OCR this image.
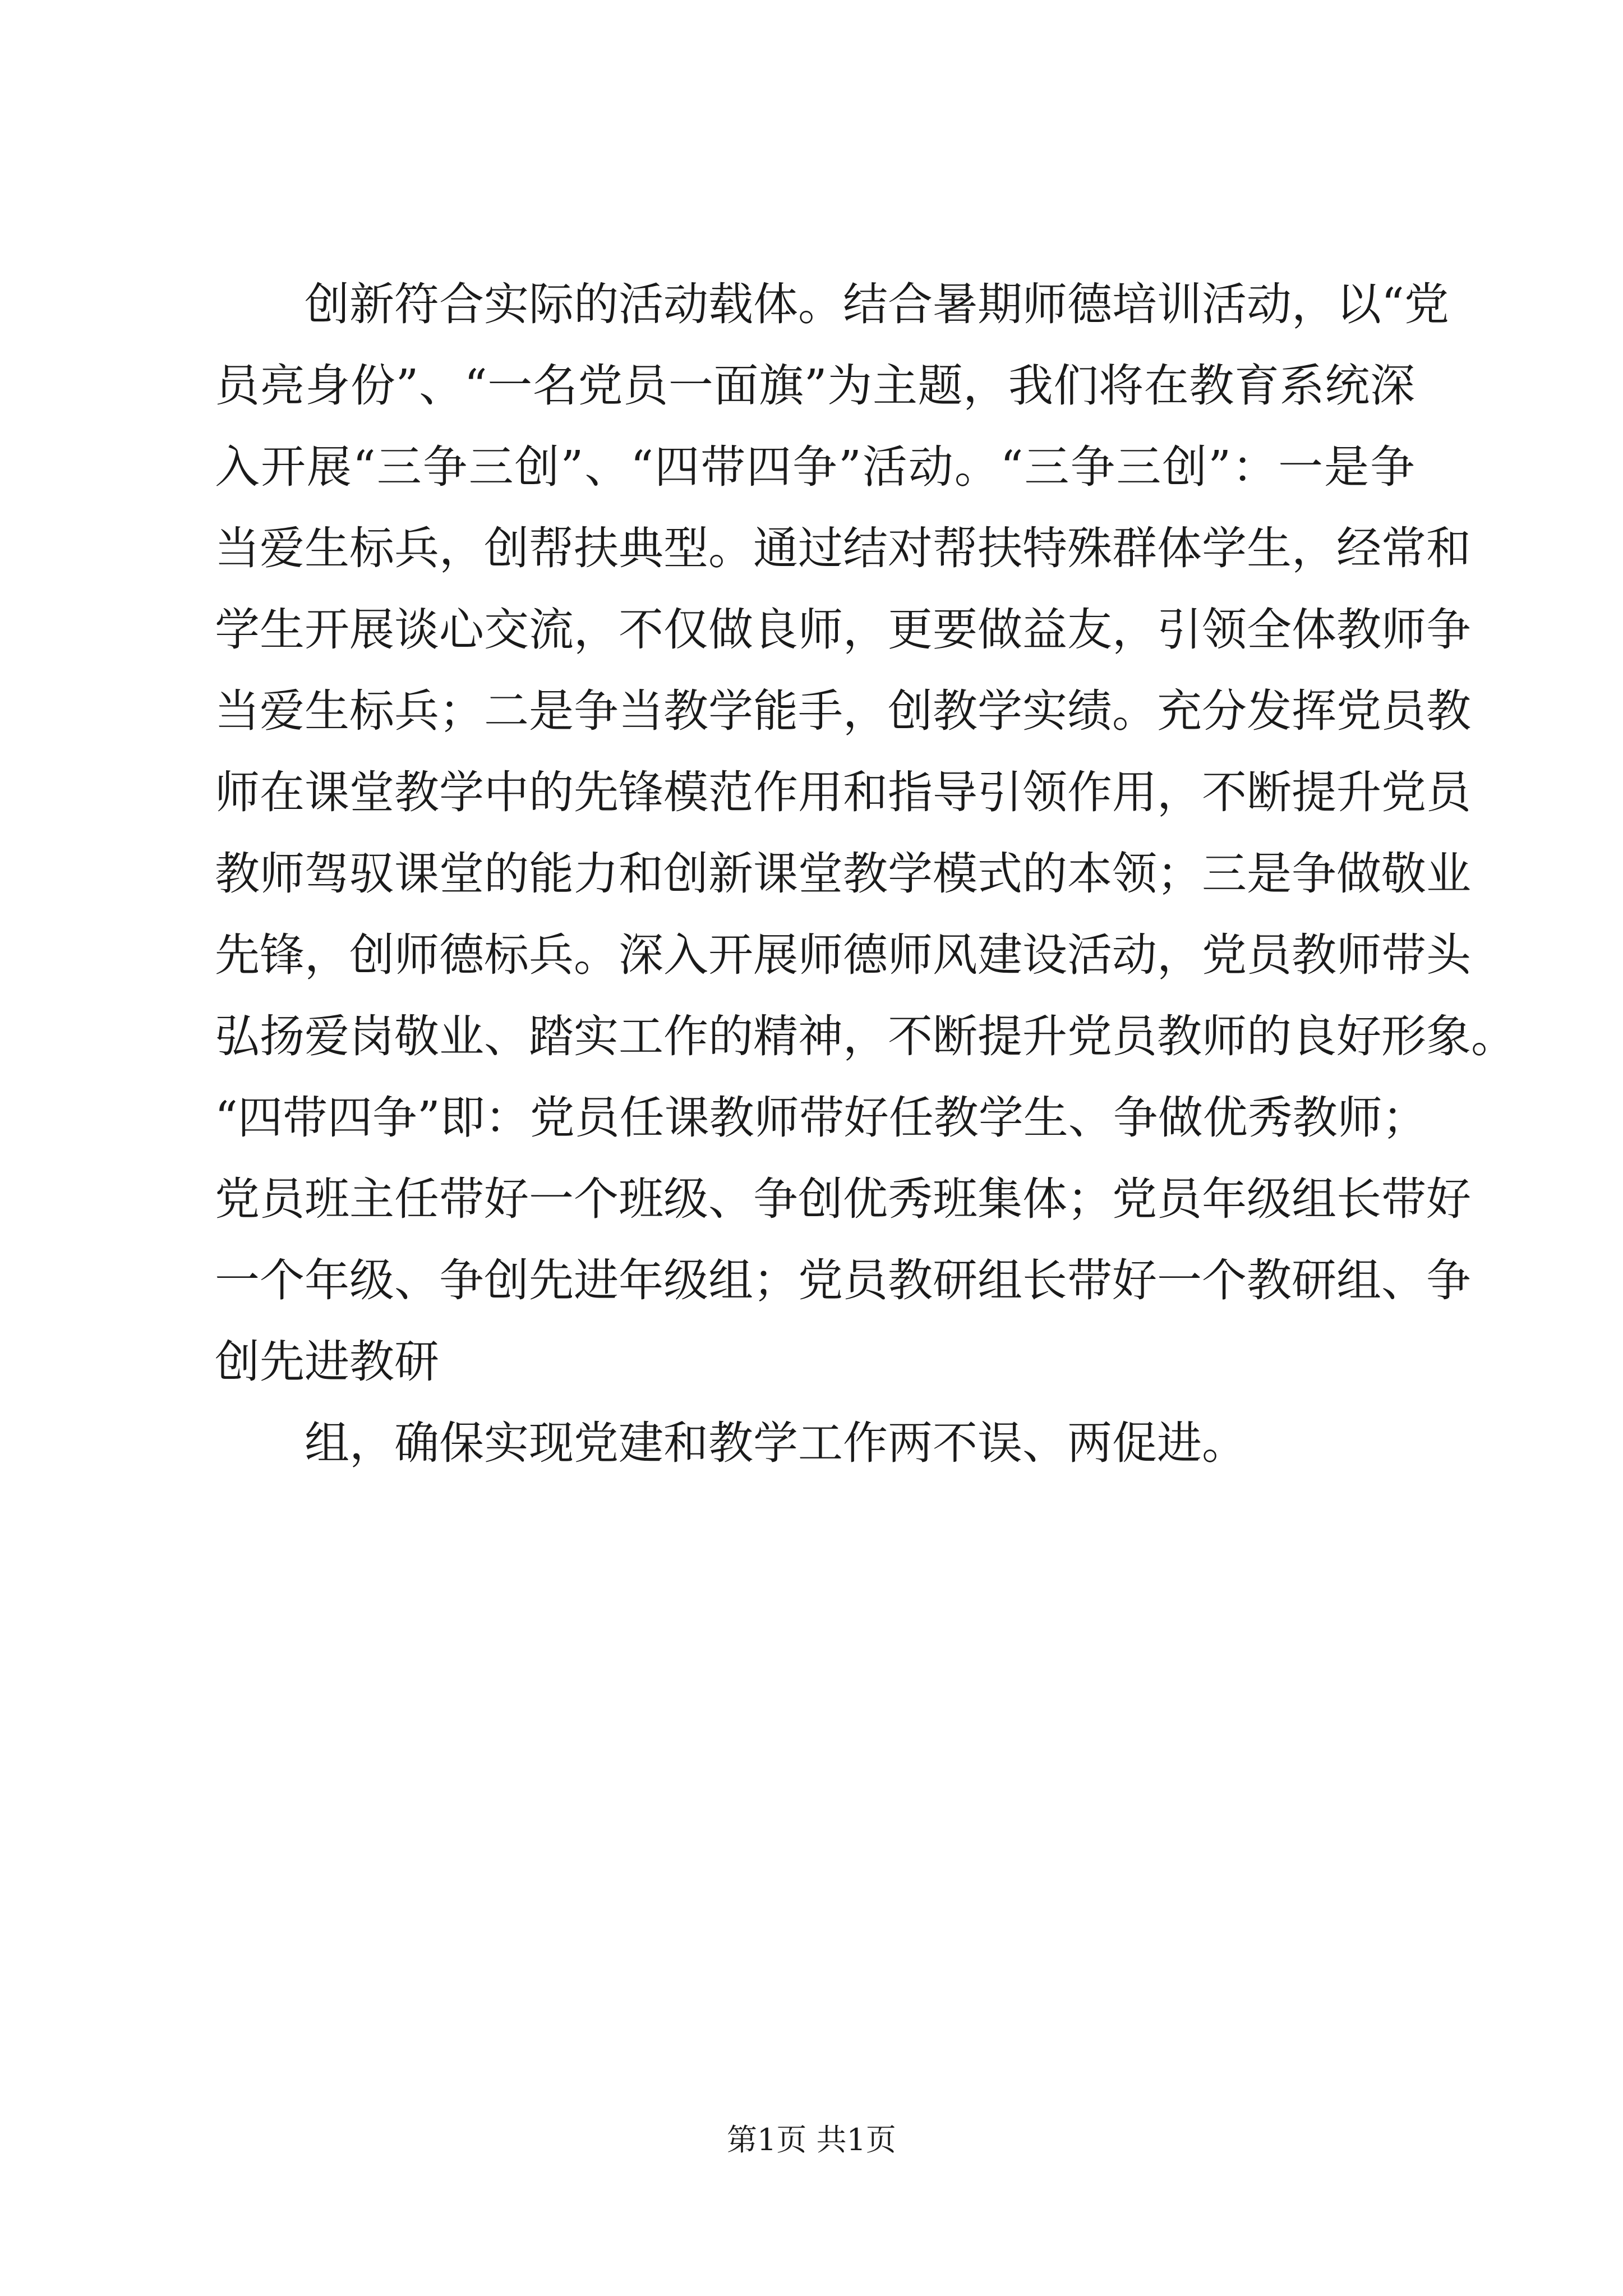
创新符合实际的活动载体。结合暑期师德培训活动，以“党
员亮身份”、“一名党员一面旗”为主题，我们将在教育系统深
入开展“三争三创”、“四带四争”活动。“三争三创”：一是争
当爱生标兵，创帮扶典型。通过结对帮扶特殊群体学生，经常和
学生开展谈心交流，不仅做良师，更要做益友，引领全体教师争
当爱生标兵；二是争当教学能手，创教学实绩。充分发挥党员教
师在课堂教学中的先锋模范作用和指导引领作用，不断提升党员
教师驾驭课堂的能力和创新课堂教学模式的本领；三是争做敬业
先锋，创师德标兵。深入开展师德师风建设活动，党员教师带头
弘扬爱岗敬业、踏实工作的精神，不断提升党员教师的良好形象。
“四带四争”即：党员任课教师带好任教学生、争做优秀教师；
党员班主任带好一个班级、争创优秀班集体；党员年级组长带好
一个年级、争创先进年级组；党员教研组长带好一个教研组、争
创先进教研
组，确保实现党建和教学工作两不误、两促进。
第1页 共1页
